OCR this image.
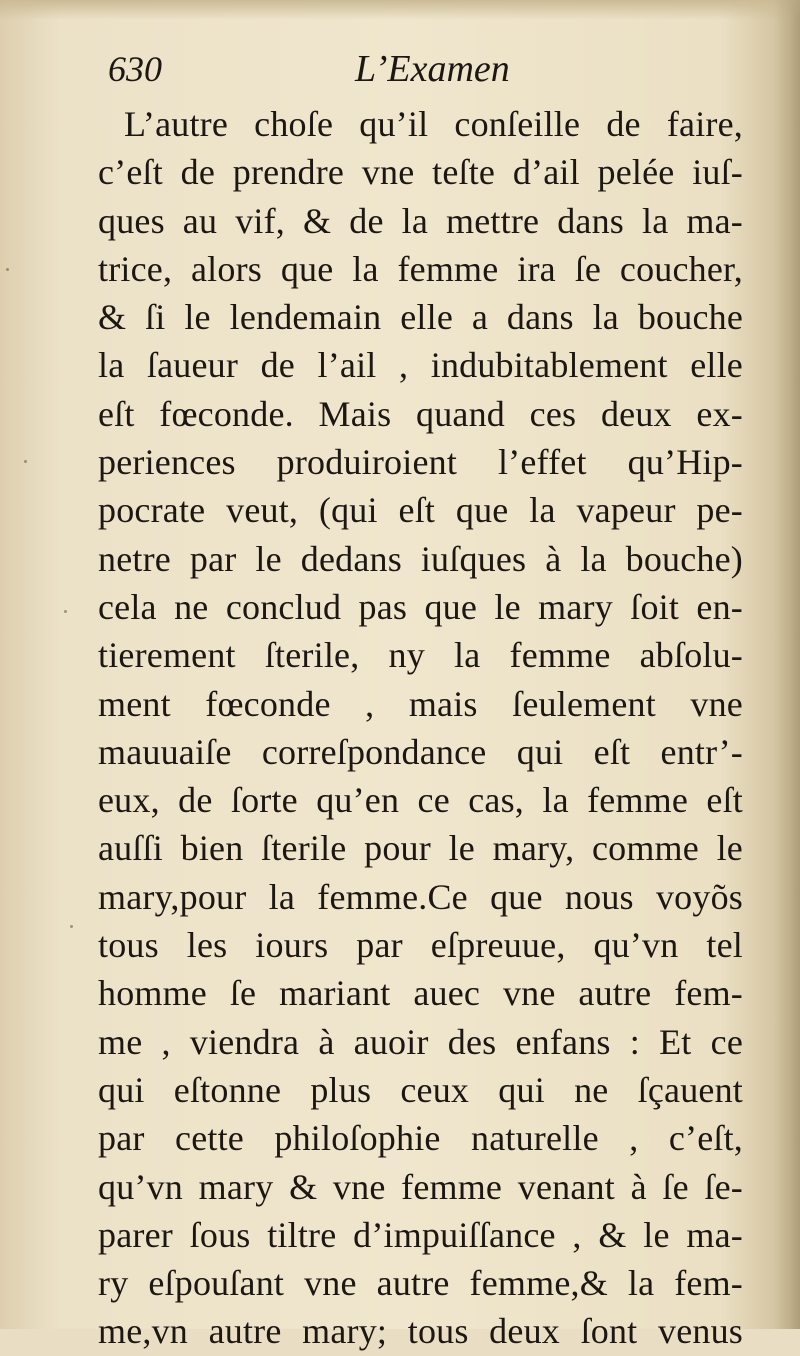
630	L’Examen
L’autre choſe qu’il conſeille de faire,
c’eſt de prendre vne teſte d’ail pelée iuſ-
ques au vif, & de la mettre dans la ma-
trice, alors que la femme ira ſe coucher,
& ſi le lendemain elle a dans la bouche
la ſaueur de l’ail , indubitablement elle
eſt fœconde. Mais quand ces deux ex-
periences produiroient l’effet qu’Hip-
pocrate veut, (qui eſt que la vapeur pe-
netre par le dedans iuſques à la bouche)
cela ne conclud pas que le mary ſoit en-
tierement ſterile, ny la femme abſolu-
ment fœconde , mais ſeulement vne
mauuaiſe correſpondance qui eſt entr’-
eux, de ſorte qu’en ce cas, la femme eſt
auſſi bien ſterile pour le mary, comme le
mary,pour la femme.Ce que nous voyõs
tous les iours par eſpreuue, qu’vn tel
homme ſe mariant auec vne autre fem-
me , viendra à auoir des enfans : Et ce
qui eſtonne plus ceux qui ne ſçauent
par cette philoſophie naturelle , c’eſt,
qu’vn mary & vne femme venant à ſe ſe-
parer ſous tiltre d’impuiſſance , & le ma-
ry eſpouſant vne autre femme,& la fem-
me,vn autre mary; tous deux ſont venus
